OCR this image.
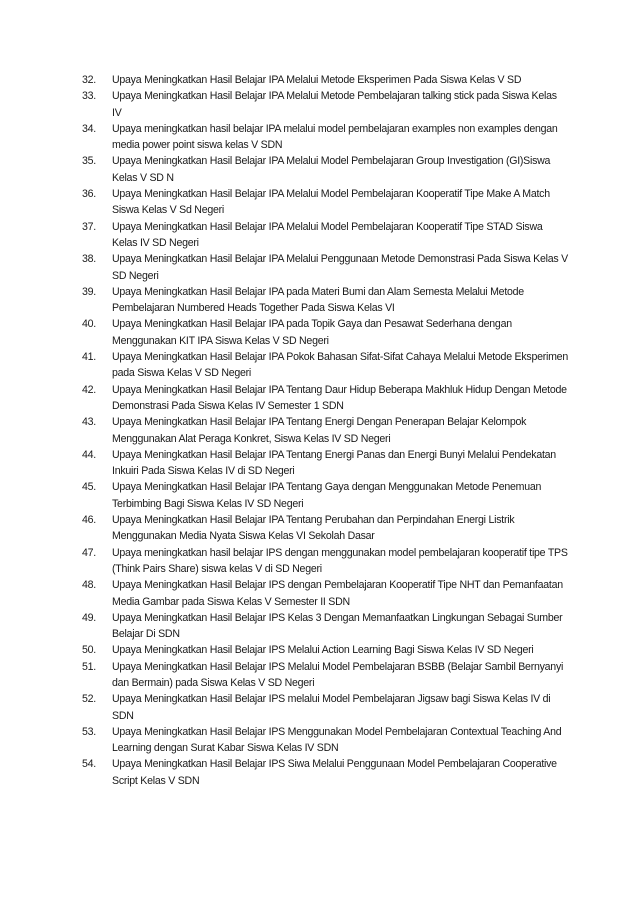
32.	Upaya Meningkatkan Hasil Belajar IPA Melalui Metode Eksperimen Pada Siswa Kelas V SD
33.	Upaya Meningkatkan Hasil Belajar IPA Melalui Metode Pembelajaran talking stick pada Siswa Kelas IV
34.	Upaya meningkatkan hasil belajar IPA melalui model pembelajaran examples non examples dengan media power point siswa kelas V SDN
35.	Upaya Meningkatkan Hasil Belajar IPA Melalui Model Pembelajaran Group Investigation (GI)Siswa Kelas V SD N
36.	Upaya Meningkatkan Hasil Belajar IPA Melalui Model Pembelajaran Kooperatif Tipe Make A Match Siswa Kelas V Sd Negeri
37.	Upaya Meningkatkan Hasil Belajar IPA Melalui Model Pembelajaran Kooperatif Tipe STAD Siswa Kelas IV SD Negeri
38.	Upaya Meningkatkan Hasil Belajar IPA Melalui Penggunaan Metode Demonstrasi Pada Siswa Kelas V SD Negeri
39.	Upaya Meningkatkan Hasil Belajar IPA pada Materi Bumi dan Alam Semesta Melalui Metode Pembelajaran Numbered Heads Together Pada Siswa Kelas VI
40.	Upaya Meningkatkan Hasil Belajar IPA pada Topik Gaya dan Pesawat Sederhana dengan Menggunakan KIT IPA Siswa Kelas V SD Negeri
41.	Upaya Meningkatkan Hasil Belajar IPA Pokok Bahasan Sifat-Sifat Cahaya Melalui Metode Eksperimen pada Siswa Kelas V SD Negeri
42.	Upaya Meningkatkan Hasil Belajar IPA Tentang Daur Hidup Beberapa Makhluk Hidup Dengan Metode Demonstrasi Pada Siswa Kelas IV Semester 1 SDN
43.	Upaya Meningkatkan Hasil Belajar IPA Tentang Energi Dengan Penerapan Belajar Kelompok Menggunakan Alat Peraga Konkret, Siswa Kelas IV SD Negeri
44.	Upaya Meningkatkan Hasil Belajar IPA Tentang Energi Panas dan Energi Bunyi Melalui Pendekatan Inkuiri Pada Siswa Kelas IV di SD Negeri
45.	Upaya Meningkatkan Hasil Belajar IPA Tentang Gaya dengan Menggunakan Metode Penemuan Terbimbing Bagi Siswa Kelas IV SD Negeri
46.	Upaya Meningkatkan Hasil Belajar IPA Tentang Perubahan dan Perpindahan Energi Listrik Menggunakan Media Nyata Siswa Kelas VI Sekolah Dasar
47.	Upaya meningkatkan hasil belajar IPS dengan menggunakan model pembelajaran kooperatif tipe TPS (Think Pairs Share) siswa kelas V di SD Negeri
48.	Upaya Meningkatkan Hasil Belajar IPS dengan Pembelajaran Kooperatif Tipe NHT dan Pemanfaatan Media Gambar pada Siswa Kelas V Semester II SDN
49.	Upaya Meningkatkan Hasil Belajar IPS Kelas 3 Dengan Memanfaatkan Lingkungan Sebagai Sumber Belajar Di SDN
50.	Upaya Meningkatkan Hasil Belajar IPS Melalui Action Learning Bagi Siswa Kelas IV SD Negeri
51.	Upaya Meningkatkan Hasil Belajar IPS Melalui Model Pembelajaran BSBB (Belajar Sambil Bernyanyi dan Bermain) pada Siswa Kelas V SD Negeri
52.	Upaya Meningkatkan Hasil Belajar IPS melalui Model Pembelajaran Jigsaw bagi Siswa Kelas IV di SDN
53.	Upaya Meningkatkan Hasil Belajar IPS Menggunakan Model Pembelajaran Contextual Teaching And Learning dengan Surat Kabar Siswa Kelas IV SDN
54.	Upaya Meningkatkan Hasil Belajar IPS Siwa Melalui Penggunaan Model Pembelajaran Cooperative Script Kelas V SDN
